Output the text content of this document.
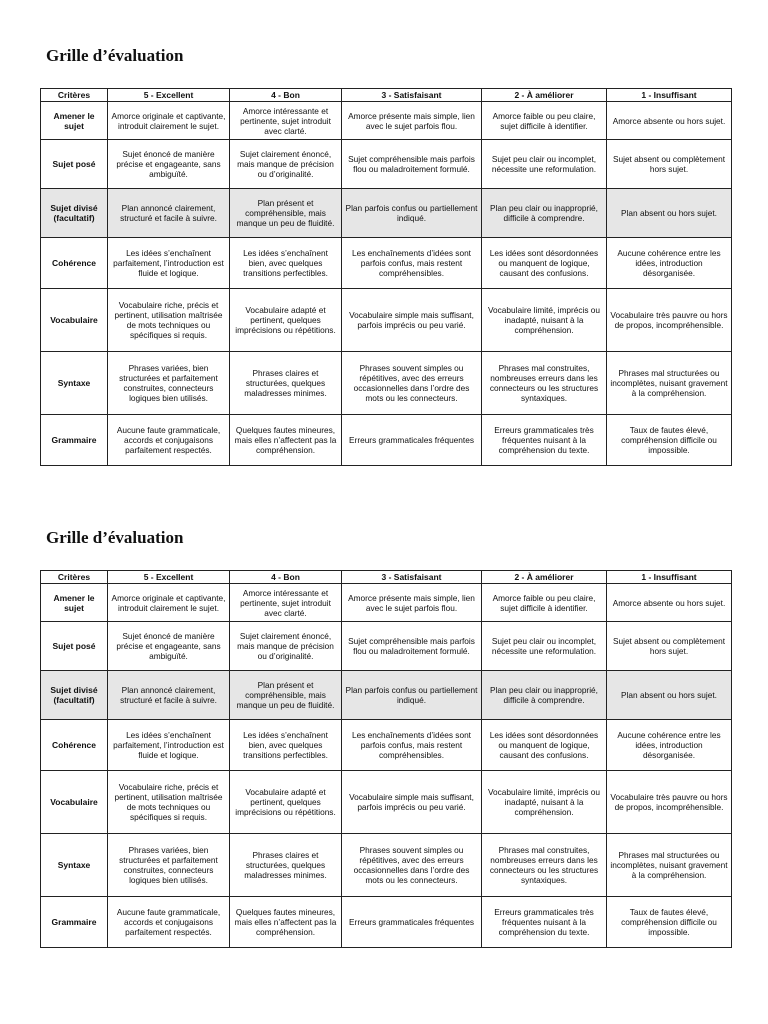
Grille d’évaluation
Critères	5 - Excellent	4 - Bon	3 - Satisfaisant	2 - À améliorer	1 - Insuffisant
Amener le sujet	Amorce originale et captivante, introduit clairement le sujet.	Amorce intéressante et pertinente, sujet introduit avec clarté.	Amorce présente mais simple, lien avec le sujet parfois flou.	Amorce faible ou peu claire, sujet difficile à identifier.	Amorce absente ou hors sujet.
Sujet posé	Sujet énoncé de manière précise et engageante, sans ambiguïté.	Sujet clairement énoncé, mais manque de précision ou d’originalité.	Sujet compréhensible mais parfois flou ou maladroitement formulé.	Sujet peu clair ou incomplet, nécessite une reformulation.	Sujet absent ou complètement hors sujet.
Sujet divisé (facultatif)	Plan annoncé clairement, structuré et facile à suivre.	Plan présent et compréhensible, mais manque un peu de fluidité.	Plan parfois confus ou partiellement indiqué.	Plan peu clair ou inapproprié, difficile à comprendre.	Plan absent ou hors sujet.
Cohérence	Les idées s’enchaînent parfaitement, l’introduction est fluide et logique.	Les idées s’enchaînent bien, avec quelques transitions perfectibles.	Les enchaînements d’idées sont parfois confus, mais restent compréhensibles.	Les idées sont désordonnées ou manquent de logique, causant des confusions.	Aucune cohérence entre les idées, introduction désorganisée.
Vocabulaire	Vocabulaire riche, précis et pertinent, utilisation maîtrisée de mots techniques ou spécifiques si requis.	Vocabulaire adapté et pertinent, quelques imprécisions ou répétitions.	Vocabulaire simple mais suffisant, parfois imprécis ou peu varié.	Vocabulaire limité, imprécis ou inadapté, nuisant à la compréhension.	Vocabulaire très pauvre ou hors de propos, incompréhensible.
Syntaxe	Phrases variées, bien structurées et parfaitement construites, connecteurs logiques bien utilisés.	Phrases claires et structurées, quelques maladresses minimes.	Phrases souvent simples ou répétitives, avec des erreurs occasionnelles dans l’ordre des mots ou les connecteurs.	Phrases mal construites, nombreuses erreurs dans les connecteurs ou les structures syntaxiques.	Phrases mal structurées ou incomplètes, nuisant gravement à la compréhension.
Grammaire	Aucune faute grammaticale, accords et conjugaisons parfaitement respectés.	Quelques fautes mineures, mais elles n’affectent pas la compréhension.	Erreurs grammaticales fréquentes	Erreurs grammaticales très fréquentes nuisant à la compréhension du texte.	Taux de fautes élevé, compréhension difficile ou impossible.
Grille d’évaluation
Critères	5 - Excellent	4 - Bon	3 - Satisfaisant	2 - À améliorer	1 - Insuffisant
Amener le sujet	Amorce originale et captivante, introduit clairement le sujet.	Amorce intéressante et pertinente, sujet introduit avec clarté.	Amorce présente mais simple, lien avec le sujet parfois flou.	Amorce faible ou peu claire, sujet difficile à identifier.	Amorce absente ou hors sujet.
Sujet posé	Sujet énoncé de manière précise et engageante, sans ambiguïté.	Sujet clairement énoncé, mais manque de précision ou d’originalité.	Sujet compréhensible mais parfois flou ou maladroitement formulé.	Sujet peu clair ou incomplet, nécessite une reformulation.	Sujet absent ou complètement hors sujet.
Sujet divisé (facultatif)	Plan annoncé clairement, structuré et facile à suivre.	Plan présent et compréhensible, mais manque un peu de fluidité.	Plan parfois confus ou partiellement indiqué.	Plan peu clair ou inapproprié, difficile à comprendre.	Plan absent ou hors sujet.
Cohérence	Les idées s’enchaînent parfaitement, l’introduction est fluide et logique.	Les idées s’enchaînent bien, avec quelques transitions perfectibles.	Les enchaînements d’idées sont parfois confus, mais restent compréhensibles.	Les idées sont désordonnées ou manquent de logique, causant des confusions.	Aucune cohérence entre les idées, introduction désorganisée.
Vocabulaire	Vocabulaire riche, précis et pertinent, utilisation maîtrisée de mots techniques ou spécifiques si requis.	Vocabulaire adapté et pertinent, quelques imprécisions ou répétitions.	Vocabulaire simple mais suffisant, parfois imprécis ou peu varié.	Vocabulaire limité, imprécis ou inadapté, nuisant à la compréhension.	Vocabulaire très pauvre ou hors de propos, incompréhensible.
Syntaxe	Phrases variées, bien structurées et parfaitement construites, connecteurs logiques bien utilisés.	Phrases claires et structurées, quelques maladresses minimes.	Phrases souvent simples ou répétitives, avec des erreurs occasionnelles dans l’ordre des mots ou les connecteurs.	Phrases mal construites, nombreuses erreurs dans les connecteurs ou les structures syntaxiques.	Phrases mal structurées ou incomplètes, nuisant gravement à la compréhension.
Grammaire	Aucune faute grammaticale, accords et conjugaisons parfaitement respectés.	Quelques fautes mineures, mais elles n’affectent pas la compréhension.	Erreurs grammaticales fréquentes	Erreurs grammaticales très fréquentes nuisant à la compréhension du texte.	Taux de fautes élevé, compréhension difficile ou impossible.
